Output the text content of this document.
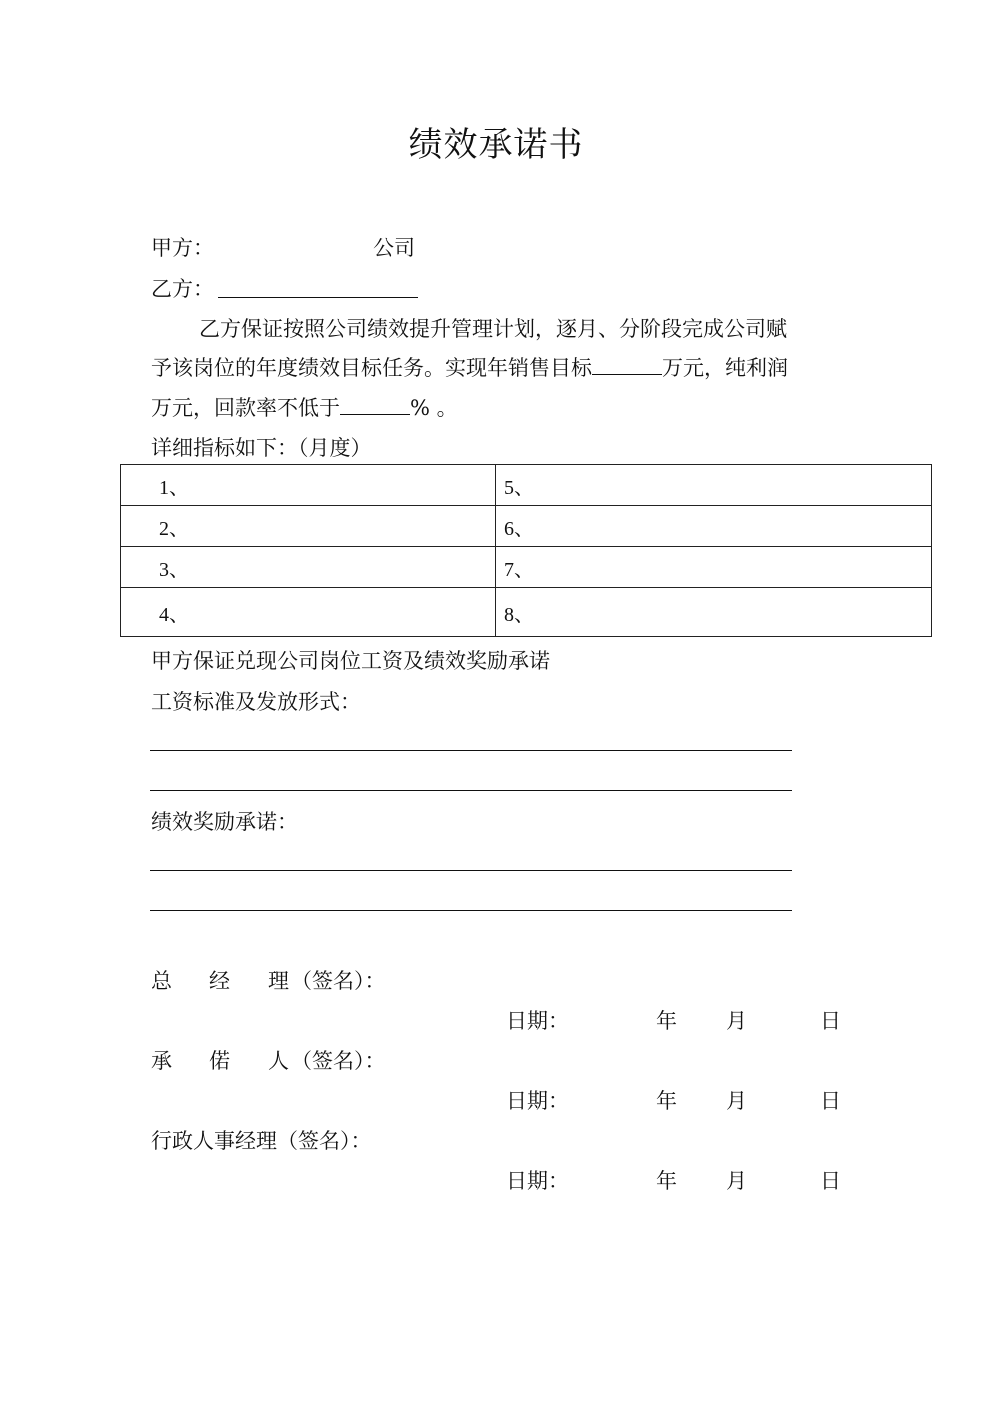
绩效承诺书
甲方：	公司
乙方：
乙方保证按照公司绩效提升管理计划，逐月、分阶段完成公司赋
予该岗位的年度绩效目标任务。实现年销售目标	万元，纯利润
万元，回款率不低于	% 。
详细指标如下：（月度）
1、	5、
2、	6、
3、	7、
4、	8、
甲方保证兑现公司岗位工资及绩效奖励承诺
工资标准及发放形式：
绩效奖励承诺：
总 经 理 （签名）：
日期：	年 月	日
承 偌 人 （签名）：
日期：	年 月	日
行政人事经理（签名）：
日期：	年 月	日
